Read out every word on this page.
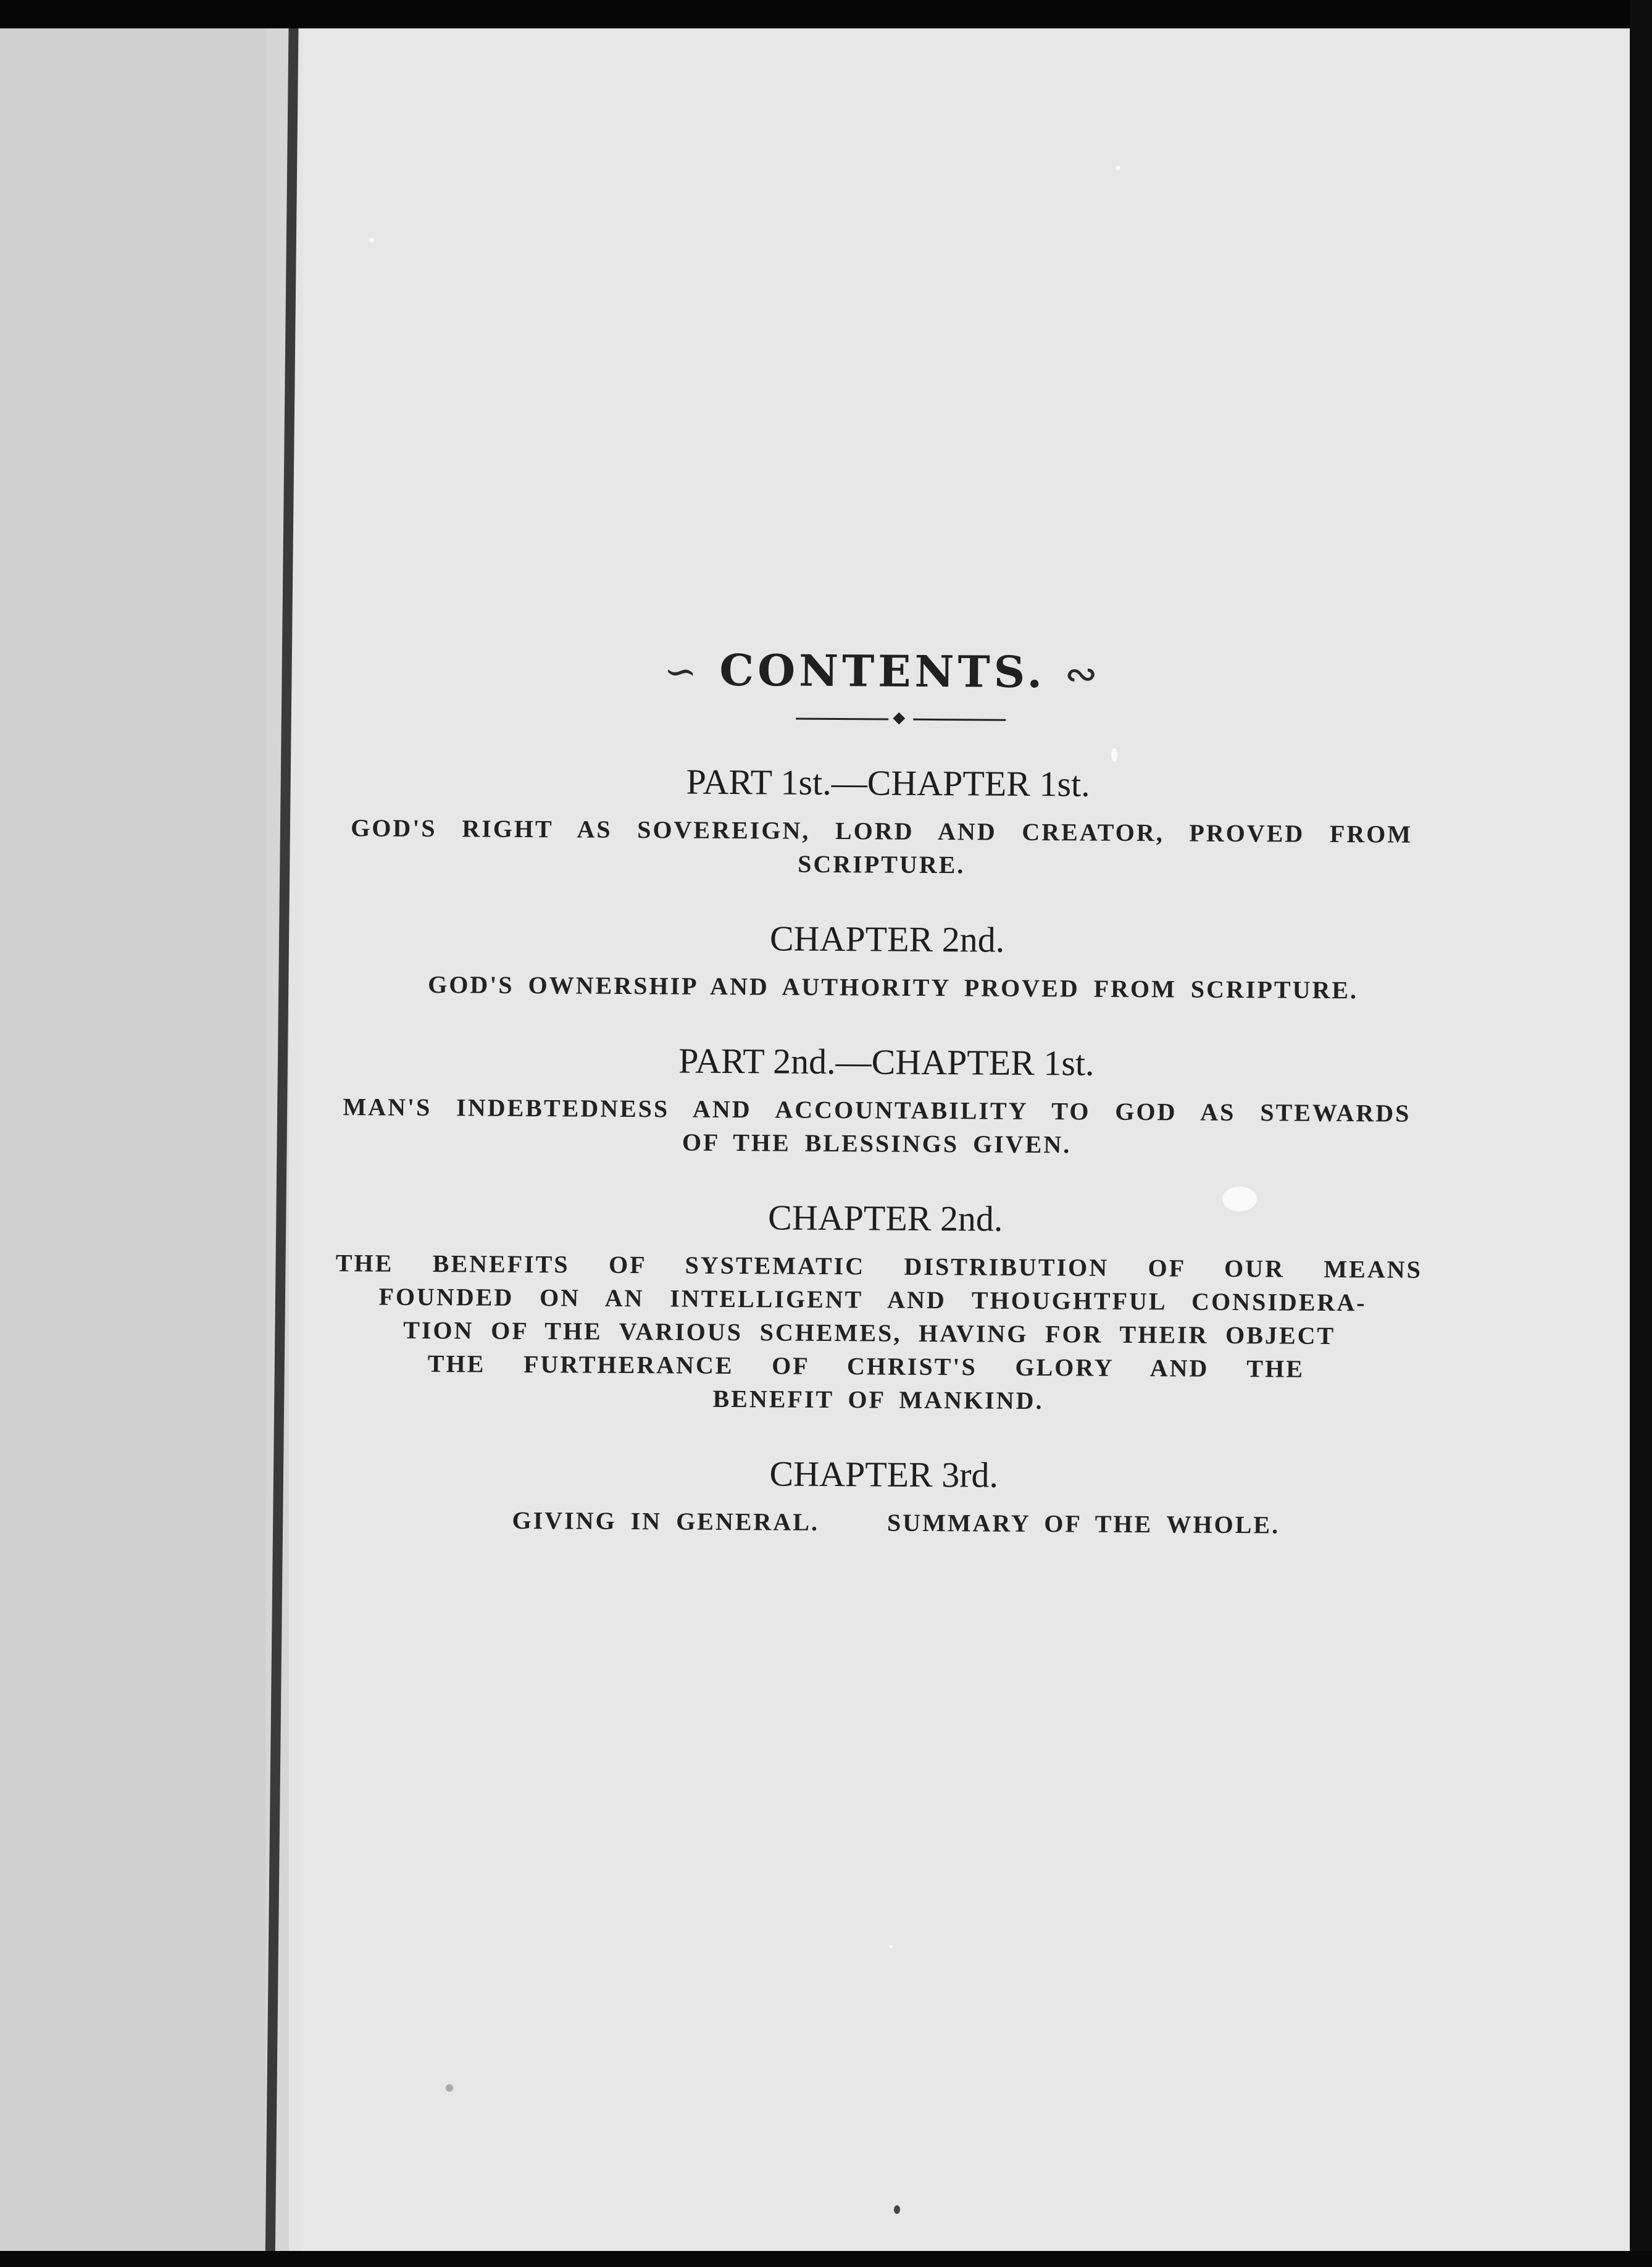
∽ CONTENTS. ∾
PART 1st.—CHAPTER 1st.
GOD'S RIGHT AS SOVEREIGN, LORD AND CREATOR, PROVED FROM
SCRIPTURE.
CHAPTER 2nd.
GOD'S OWNERSHIP AND AUTHORITY PROVED FROM SCRIPTURE.
PART 2nd.—CHAPTER 1st.
MAN'S INDEBTEDNESS AND ACCOUNTABILITY TO GOD AS STEWARDS
OF THE BLESSINGS GIVEN.
CHAPTER 2nd.
THE BENEFITS OF SYSTEMATIC DISTRIBUTION OF OUR MEANS
FOUNDED ON AN INTELLIGENT AND THOUGHTFUL CONSIDERA-
TION OF THE VARIOUS SCHEMES, HAVING FOR THEIR OBJECT
THE FURTHERANCE OF CHRIST'S GLORY AND THE
BENEFIT OF MANKIND.
CHAPTER 3rd.
GIVING IN GENERAL.	SUMMARY OF THE WHOLE.
